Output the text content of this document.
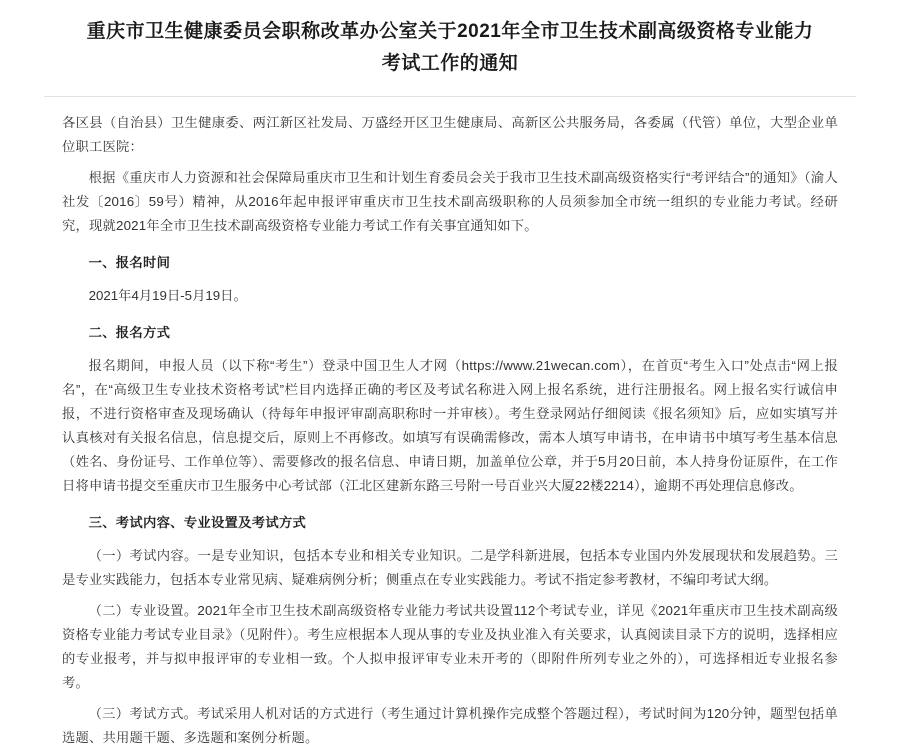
重庆市卫生健康委员会职称改革办公室关于2021年全市卫生技术副高级资格专业能力
考试工作的通知

各区县（自治县）卫生健康委、两江新区社发局、万盛经开区卫生健康局、高新区公共服务局，各委属（代管）单位，大型企业单位职工医院：

根据《重庆市人力资源和社会保障局重庆市卫生和计划生育委员会关于我市卫生技术副高级资格实行“考评结合”的通知》（渝人社发〔2016〕59号）精神，从2016年起申报评审重庆市卫生技术副高级职称的人员须参加全市统一组织的专业能力考试。经研究，现就2021年全市卫生技术副高级资格专业能力考试工作有关事宜通知如下。

一、报名时间

2021年4月19日-5月19日。

二、报名方式

报名期间，申报人员（以下称“考生”）登录中国卫生人才网（https://www.21wecan.com），在首页“考生入口”处点击“网上报名”，在“高级卫生专业技术资格考试”栏目内选择正确的考区及考试名称进入网上报名系统，进行注册报名。网上报名实行诚信申报，不进行资格审查及现场确认（待每年申报评审副高职称时一并审核）。考生登录网站仔细阅读《报名须知》后，应如实填写并认真核对有关报名信息，信息提交后，原则上不再修改。如填写有误确需修改，需本人填写申请书，在申请书中填写考生基本信息（姓名、身份证号、工作单位等）、需要修改的报名信息、申请日期，加盖单位公章，并于5月20日前，本人持身份证原件，在工作日将申请书提交至重庆市卫生服务中心考试部（江北区建新东路三号附一号百业兴大厦22楼2214），逾期不再处理信息修改。

三、考试内容、专业设置及考试方式

（一）考试内容。一是专业知识，包括本专业和相关专业知识。二是学科新进展，包括本专业国内外发展现状和发展趋势。三是专业实践能力，包括本专业常见病、疑难病例分析；侧重点在专业实践能力。考试不指定参考教材，不编印考试大纲。

（二）专业设置。2021年全市卫生技术副高级资格专业能力考试共设置112个考试专业，详见《2021年重庆市卫生技术副高级资格专业能力考试专业目录》（见附件）。考生应根据本人现从事的专业及执业准入有关要求，认真阅读目录下方的说明，选择相应的专业报考，并与拟申报评审的专业相一致。个人拟申报评审专业未开考的（即附件所列专业之外的），可选择相近专业报名参考。

（三）考试方式。考试采用人机对话的方式进行（考生通过计算机操作完成整个答题过程），考试时间为120分钟，题型包括单选题、共用题干题、多选题和案例分析题。
